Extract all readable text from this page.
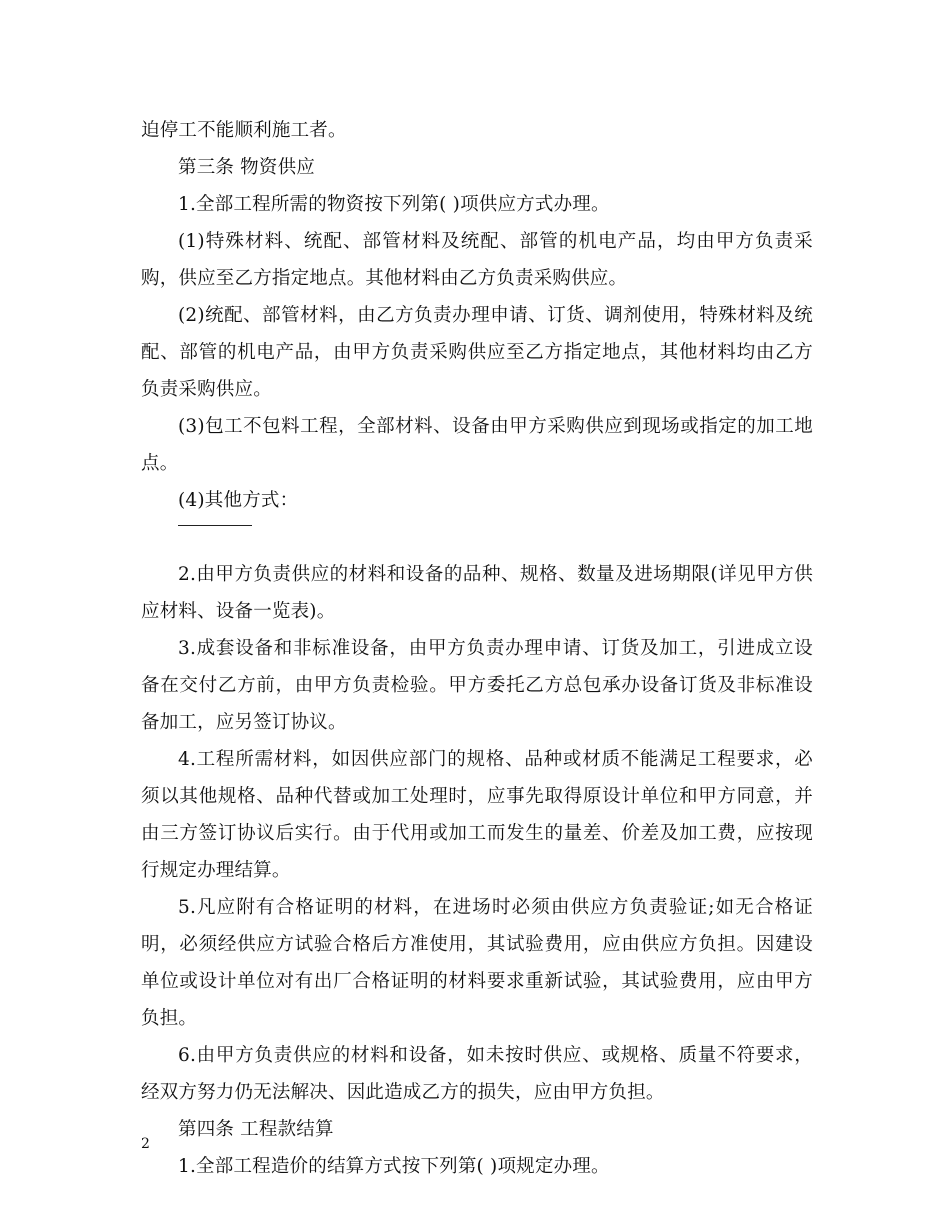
迫停工不能顺利施工者。

第三条 物资供应

1.全部工程所需的物资按下列第( )项供应方式办理。

(1)特殊材料、统配、部管材料及统配、部管的机电产品，均由甲方负责采购，供应至乙方指定地点。其他材料由乙方负责采购供应。

(2)统配、部管材料，由乙方负责办理申请、订货、调剂使用，特殊材料及统配、部管的机电产品，由甲方负责采购供应至乙方指定地点，其他材料均由乙方负责采购供应。

(3)包工不包料工程，全部材料、设备由甲方采购供应到现场或指定的加工地点。

(4)其他方式：

2.由甲方负责供应的材料和设备的品种、规格、数量及进场期限(详见甲方供应材料、设备一览表)。

3.成套设备和非标准设备，由甲方负责办理申请、订货及加工，引进成立设备在交付乙方前，由甲方负责检验。甲方委托乙方总包承办设备订货及非标准设备加工，应另签订协议。

4.工程所需材料，如因供应部门的规格、品种或材质不能满足工程要求，必须以其他规格、品种代替或加工处理时，应事先取得原设计单位和甲方同意，并由三方签订协议后实行。由于代用或加工而发生的量差、价差及加工费，应按现行规定办理结算。

5.凡应附有合格证明的材料，在进场时必须由供应方负责验证;如无合格证明，必须经供应方试验合格后方准使用，其试验费用，应由供应方负担。因建设单位或设计单位对有出厂合格证明的材料要求重新试验，其试验费用，应由甲方负担。

6.由甲方负责供应的材料和设备，如未按时供应、或规格、质量不符要求，经双方努力仍无法解决、因此造成乙方的损失，应由甲方负担。

第四条 工程款结算

1.全部工程造价的结算方式按下列第( )项规定办理。

2
